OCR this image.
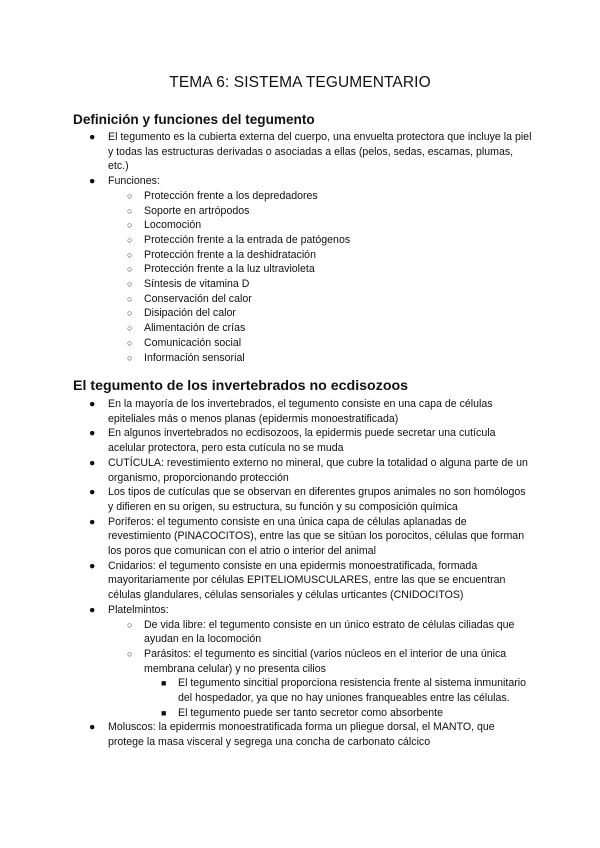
TEMA 6: SISTEMA TEGUMENTARIO
Definición y funciones del tegumento
● El tegumento es la cubierta externa del cuerpo, una envuelta protectora que incluye la piel y todas las estructuras derivadas o asociadas a ellas (pelos, sedas, escamas, plumas, etc.)
● Funciones:
○ Protección frente a los depredadores
○ Soporte en artrópodos
○ Locomoción
○ Protección frente a la entrada de patógenos
○ Protección frente a la deshidratación
○ Protección frente a la luz ultravioleta
○ Síntesis de vitamina D
○ Conservación del calor
○ Disipación del calor
○ Alimentación de crías
○ Comunicación social
○ Información sensorial
El tegumento de los invertebrados no ecdisozoos
● En la mayoría de los invertebrados, el tegumento consiste en una capa de células epiteliales más o menos planas (epidermis monoestratificada)
● En algunos invertebrados no ecdisozoos, la epidermis puede secretar una cutícula acelular protectora, pero esta cutícula no se muda
● CUTÍCULA: revestimiento externo no mineral, que cubre la totalidad o alguna parte de un organismo, proporcionando protección
● Los tipos de cutículas que se observan en diferentes grupos animales no son homólogos y difieren en su origen, su estructura, su función y su composición química
● Poríferos: el tegumento consiste en una única capa de células aplanadas de revestimiento (PINACOCITOS), entre las que se sitúan los porocitos, células que forman los poros que comunican con el atrio o interior del animal
● Cnidarios: el tegumento consiste en una epidermis monoestratificada, formada mayoritariamente por células EPITELIOMUSCULARES, entre las que se encuentran células glandulares, células sensoriales y células urticantes (CNIDOCITOS)
● Platelmintos:
○ De vida libre: el tegumento consiste en un único estrato de células ciliadas que ayudan en la locomoción
○ Parásitos: el tegumento es sincitial (varios núcleos en el interior de una única membrana celular) y no presenta cilios
■ El tegumento sincitial proporciona resistencia frente al sistema inmunitario del hospedador, ya que no hay uniones franqueables entre las células.
■ El tegumento puede ser tanto secretor como absorbente
● Moluscos: la epidermis monoestratificada forma un pliegue dorsal, el MANTO, que protege la masa visceral y segrega una concha de carbonato cálcico
